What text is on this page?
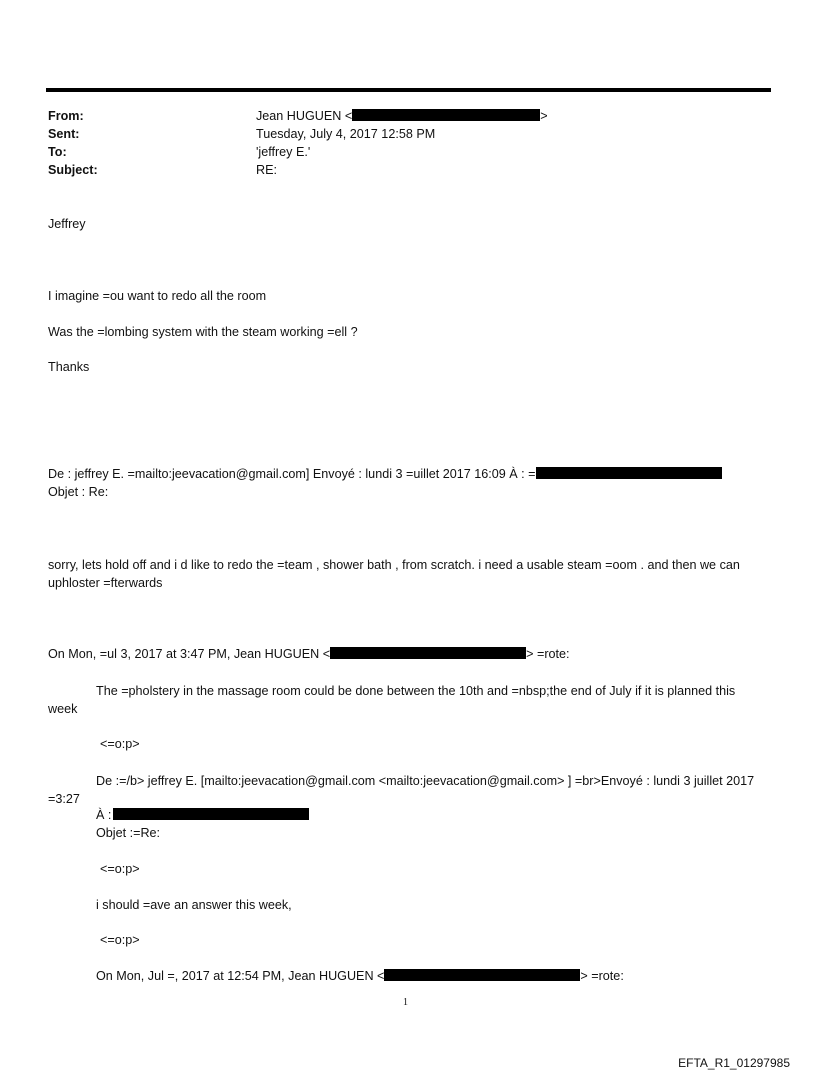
From:	Jean HUGUEN <	>
Sent:	Tuesday, July 4, 2017 12:58 PM
To:	'jeffrey E.'
Subject:	RE:
Jeffrey
I imagine =ou want to redo all the room
Was the =lombing system with the steam working =ell ?
Thanks
De : jeffrey E. =mailto:jeevacation@gmail.com] Envoyé : lundi 3 =uillet 2017 16:09 À : =
Objet : Re:
sorry, lets hold off and i d like to redo the =team , shower bath , from scratch. i need a usable steam =oom . and then we can uphloster =fterwards
On Mon, =ul 3, 2017 at 3:47 PM, Jean HUGUEN <	> =rote:
The =pholstery in the massage room could be done between the 10th and =nbsp;the end of July if it is planned this week
<=o:p>
De :=/b> jeffrey E. [mailto:jeevacation@gmail.com <mailto:jeevacation@gmail.com> ] =br>Envoyé : lundi 3 juillet 2017 =3:27
À :
Objet :=Re:
<=o:p>
i should =ave an answer this week,
<=o:p>
On Mon, Jul =, 2017 at 12:54 PM, Jean HUGUEN <	> =rote:
1
EFTA_R1_01297985
